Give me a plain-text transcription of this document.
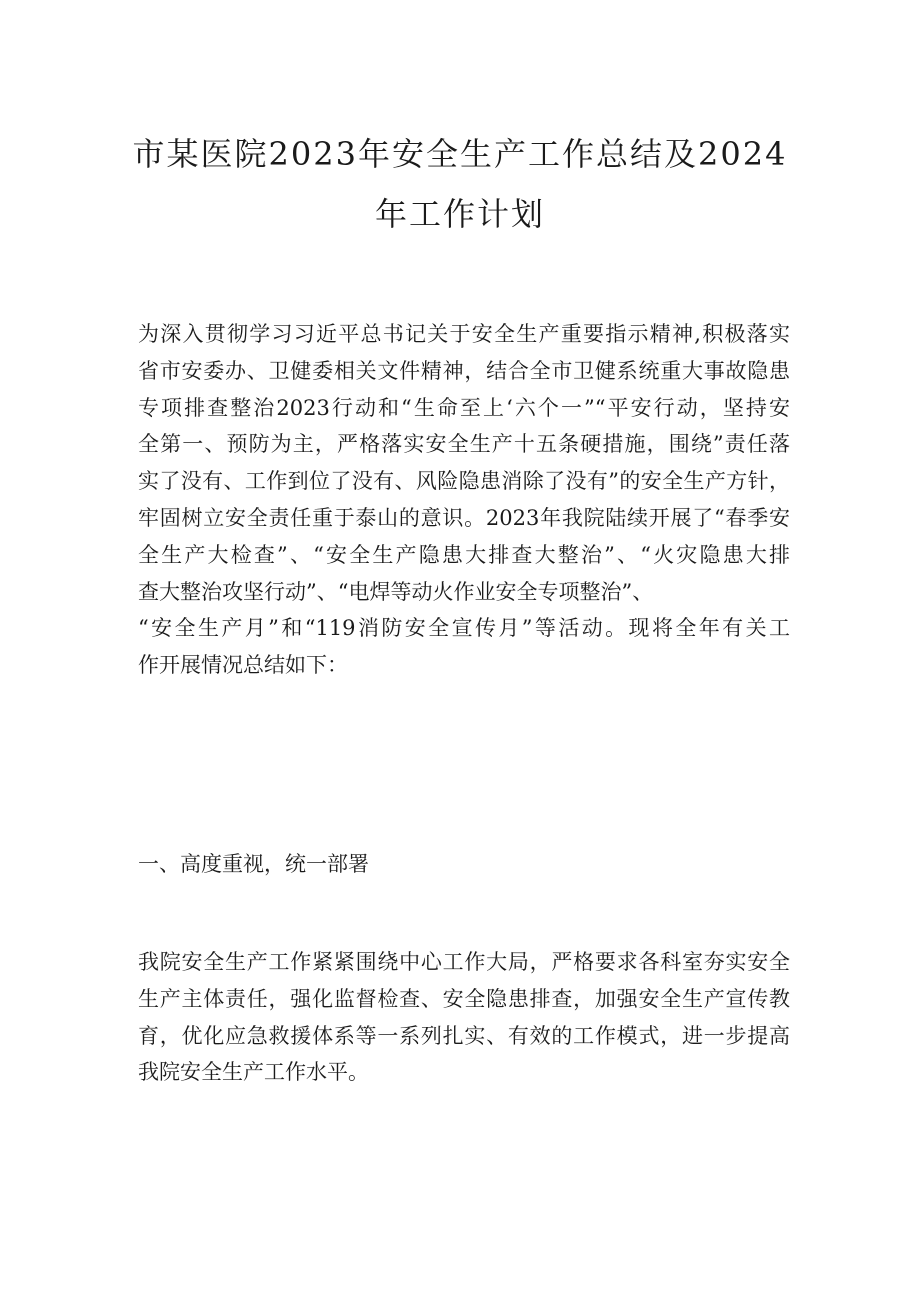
市某医院2023年安全生产工作总结及2024
年工作计划
为深入贯彻学习习近平总书记关于安全生产重要指示精神,积极落实
省市安委办、卫健委相关文件精神，结合全市卫健系统重大事故隐患
专项排查整治2023行动和“生命至上‘六个一”“平安行动，坚持安
全第一、预防为主，严格落实安全生产十五条硬措施，围绕”责任落
实了没有、工作到位了没有、风险隐患消除了没有”的安全生产方针，
牢固树立安全责任重于泰山的意识。2023年我院陆续开展了“春季安
全生产大检查”、“安全生产隐患大排查大整治”、“火灾隐患大排
查大整治攻坚行动”、“电焊等动火作业安全专项整治”、
“安全生产月”和“119消防安全宣传月”等活动。现将全年有关工
作开展情况总结如下：
一、高度重视，统一部署
我院安全生产工作紧紧围绕中心工作大局，严格要求各科室夯实安全
生产主体责任，强化监督检查、安全隐患排查，加强安全生产宣传教
育，优化应急救援体系等一系列扎实、有效的工作模式，进一步提高
我院安全生产工作水平。
